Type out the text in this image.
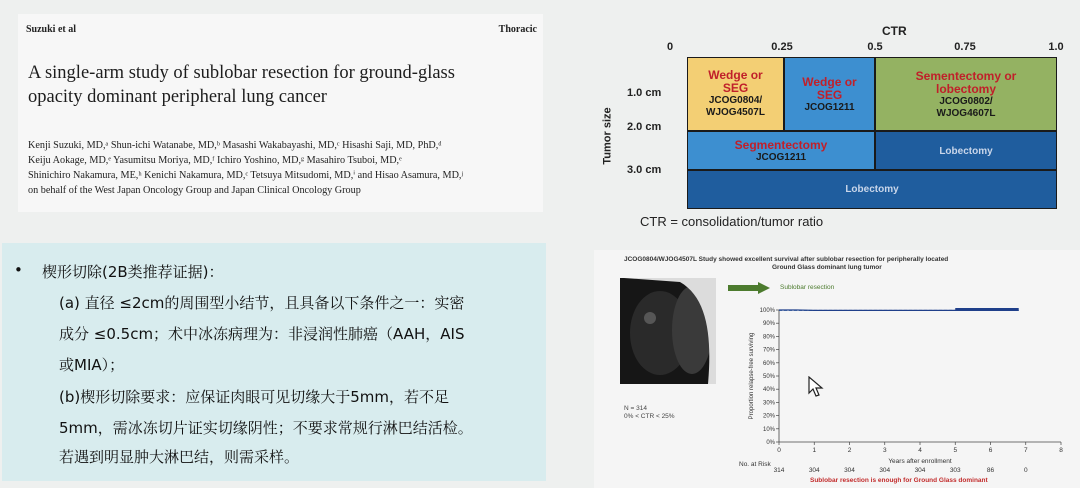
Suzuki et al	Thoracic
A single-arm study of sublobar resection for ground-glass
opacity dominant peripheral lung cancer
Kenji Suzuki, MD,ᵃ Shun-ichi Watanabe, MD,ᵇ Masashi Wakabayashi, MD,ᶜ Hisashi Saji, MD, PhD,ᵈ
Keiju Aokage, MD,ᵉ Yasumitsu Moriya, MD,ᶠ Ichiro Yoshino, MD,ᵍ Masahiro Tsuboi, MD,ᵉ
Shinichiro Nakamura, ME,ʰ Kenichi Nakamura, MD,ᶜ Tetsuya Mitsudomi, MD,ⁱ and Hisao Asamura, MD,ʲ
on behalf of the West Japan Oncology Group and Japan Clinical Oncology Group
• 楔形切除(2B类推荐证据)：
(a) 直径 ≤2cm的周围型小结节，且具备以下条件之一：实密
成分 ≤0.5cm；术中冰冻病理为：非浸润性肺癌（AAH，AIS
或MIA）；
(b)楔形切除要求：应保证肉眼可见切缘大于5mm，若不足
5mm，需冰冻切片证实切缘阴性；不要求常规行淋巴结活检。
若遇到明显肿大淋巴结，则需采样。
CTR
0	0.25	0.5	0.75	1.0
Tumor size
1.0 cm
2.0 cm
3.0 cm
Wedge or
SEG
JCOG0804/
WJOG4507L
Wedge or
SEG
JCOG1211
Sementectomy or
lobectomy
JCOG0802/
WJOG4607L
Segmentectomy
JCOG1211
Lobectomy
Lobectomy
CTR = consolidation/tumor ratio
JCOG0804/WJOG4507L Study showed excellent survival after sublobar resection for peripherally located
Ground Glass dominant lung tumor
Sublobar resection
N = 314
0% < CTR < 25%
0	1	2	3	4	5	6	7	8
0%
10%
20%
30%
40%
50%
60%
70%
80%
90%
100%
Years after enrollment
Proportion relapse-free surviving
314	304	304	304	304	303	86	0
No. at Risk
Sublobar resection is enough for Ground Glass dominant
